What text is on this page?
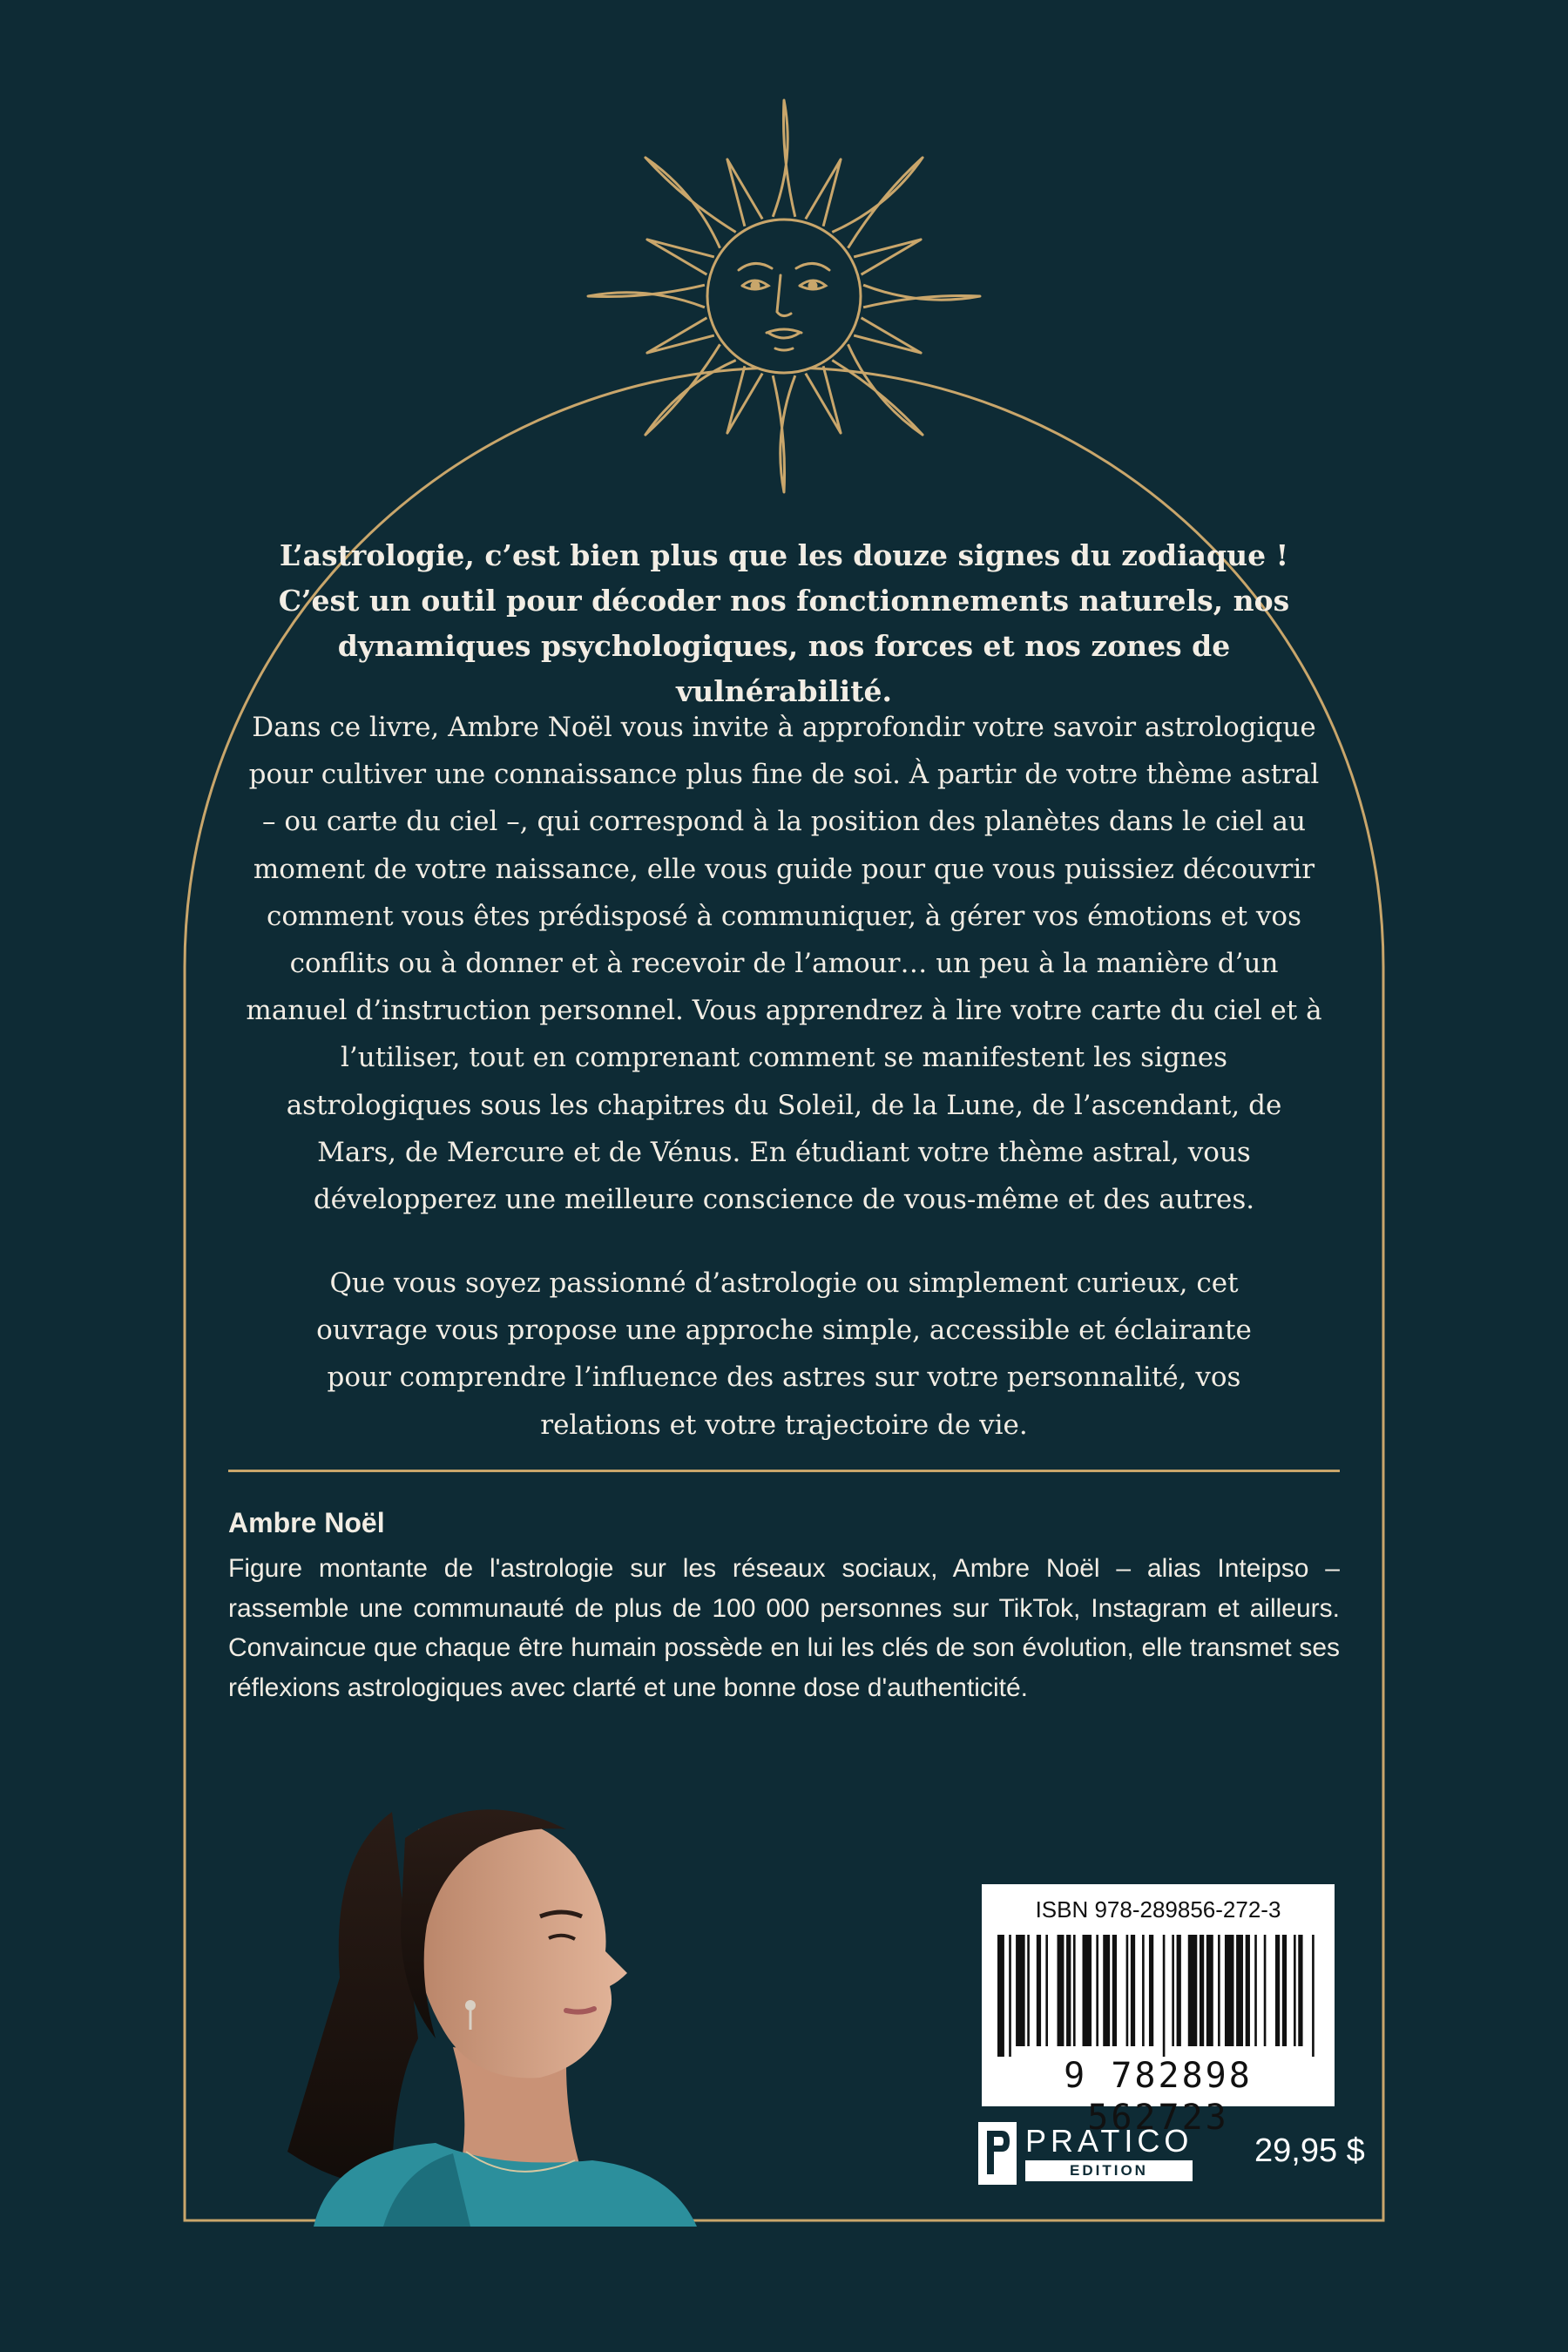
L’astrologie, c’est bien plus que les douze signes du zodiaque ! C’est un outil pour décoder nos fonctionnements naturels, nos dynamiques psychologiques, nos forces et nos zones de vulnérabilité.
Dans ce livre, Ambre Noël vous invite à approfondir votre savoir astrologique pour cultiver une connaissance plus fine de soi. À partir de votre thème astral – ou carte du ciel –, qui correspond à la position des planètes dans le ciel au moment de votre naissance, elle vous guide pour que vous puissiez découvrir comment vous êtes prédisposé à communiquer, à gérer vos émotions et vos conflits ou à donner et à recevoir de l’amour… un peu à la manière d’un manuel d’instruction personnel. Vous apprendrez à lire votre carte du ciel et à l’utiliser, tout en comprenant comment se manifestent les signes astrologiques sous les chapitres du Soleil, de la Lune, de l’ascendant, de Mars, de Mercure et de Vénus. En étudiant votre thème astral, vous développerez une meilleure conscience de vous-même et des autres.
Que vous soyez passionné d’astrologie ou simplement curieux, cet ouvrage vous propose une approche simple, accessible et éclairante pour comprendre l’influence des astres sur votre personnalité, vos relations et votre trajectoire de vie.
Ambre Noël
Figure montante de l'astrologie sur les réseaux sociaux, Ambre Noël – alias Inteipso – rassemble une communauté de plus de 100 000 personnes sur TikTok, Instagram et ailleurs. Convaincue que chaque être humain possède en lui les clés de son évolution, elle transmet ses réflexions astrologiques avec clarté et une bonne dose d'authenticité.
ISBN 978-289856-272-3
9 782898 562723
PRATICO
EDITION
29,95 $
